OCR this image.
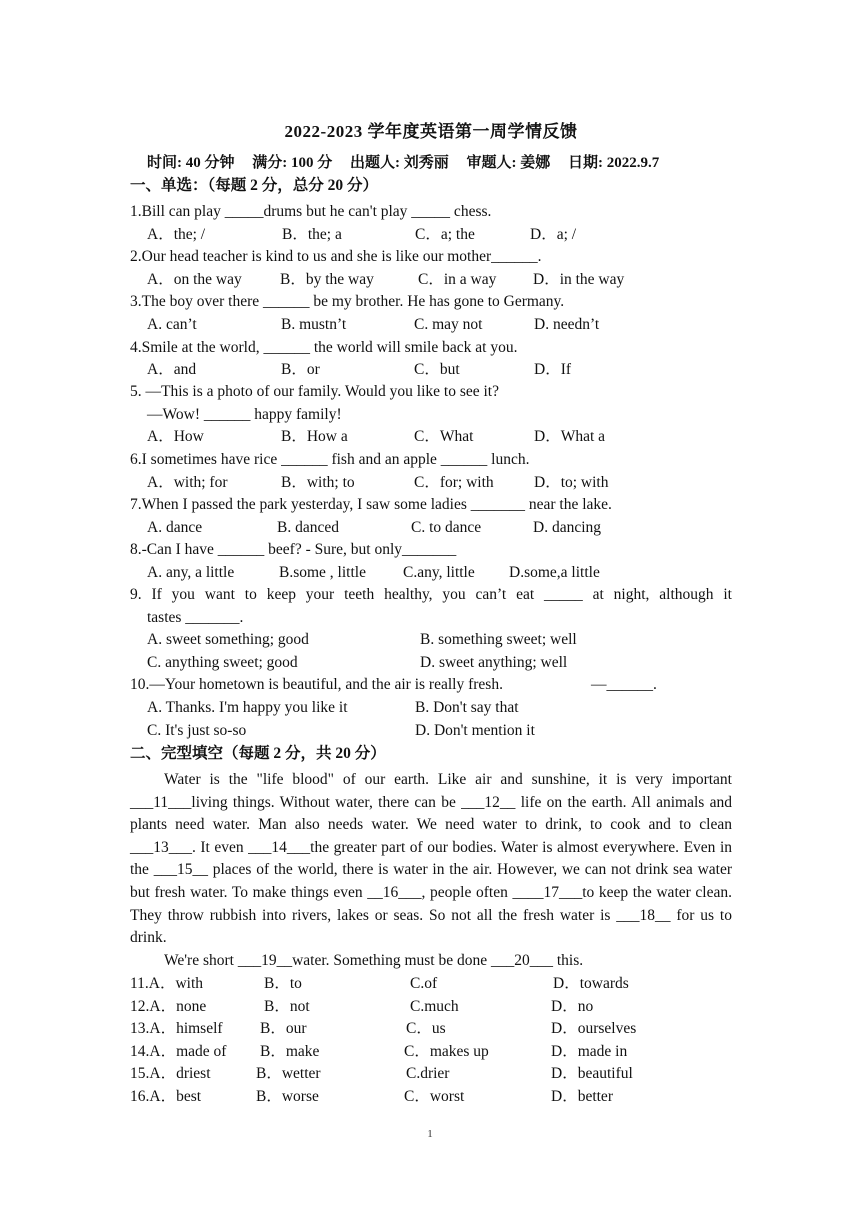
2022-2023 学年度英语第一周学情反馈
时间: 40 分钟 满分: 100 分 出题人: 刘秀丽 审题人: 姜娜 日期: 2022.9.7
一、单选：（每题 2 分，总分 20 分）
1.Bill can play _____drums but he can't play _____ chess.
A．the; /	B．the; a	C．a; the	D．a; /
2.Our head teacher is kind to us and she is like our mother______.
A．on the way B．by the way	C．in a way D．in the way
3.The boy over there ______ be my brother. He has gone to Germany.
A. can’t	B. mustn’t	C. may not	D. needn’t
4.Smile at the world, ______ the world will smile back at you.
A．and	B．or	C．but	D．If
5. —This is a photo of our family. Would you like to see it?
—Wow! ______ happy family!
A．How	B．How a	C．What	D．What a
6.I sometimes have rice ______ fish and an apple ______ lunch.
A．with; for	B．with; to	C．for; with	D．to; with
7.When I passed the park yesterday, I saw some ladies _______ near the lake.
A. dance	B. danced	C. to dance	D. dancing
8.-Can I have ______ beef? - Sure, but only_______
A. any, a little	B.some , little C.any, little D.some,a little
9. If you want to keep your teeth healthy, you can’t eat _____ at night, although it
tastes _______.
A. sweet something; good	B. something sweet; well
C. anything sweet; good	D. sweet anything; well
10.—Your hometown is beautiful, and the air is really fresh.	—______.
A. Thanks. I'm happy you like it	B. Don't say that
C. It's just so-so	D. Don't mention it
二、完型填空（每题 2 分，共 20 分）

Water is the "life blood" of our earth. Like air and sunshine, it is very important ___11___living things. Without water, there can be ___12__ life on the earth. All animals and plants need water. Man also needs water. We need water to drink, to cook and to clean ___13___. It even ___14___the greater part of our bodies. Water is almost everywhere. Even in the ___15__ places of the world, there is water in the air. However, we can not drink sea water but fresh water. To make things even __16___, people often ____17___to keep the water clean. They throw rubbish into rivers, lakes or seas. So not all the fresh water is ___18__ for us to drink.

We're short ___19__water. Something must be done ___20___ this.

11.A．with	B．to	C.of	D．towards
12.A．none	B．not	C.much	D．no
13.A．himself B．our	C．us	D．ourselves
14.A．made of B．make	C．makes up	D．made in
15.A．driest	B．wetter	C.drier	D．beautiful
16.A．best	B．worse	C．worst	D．better
1
